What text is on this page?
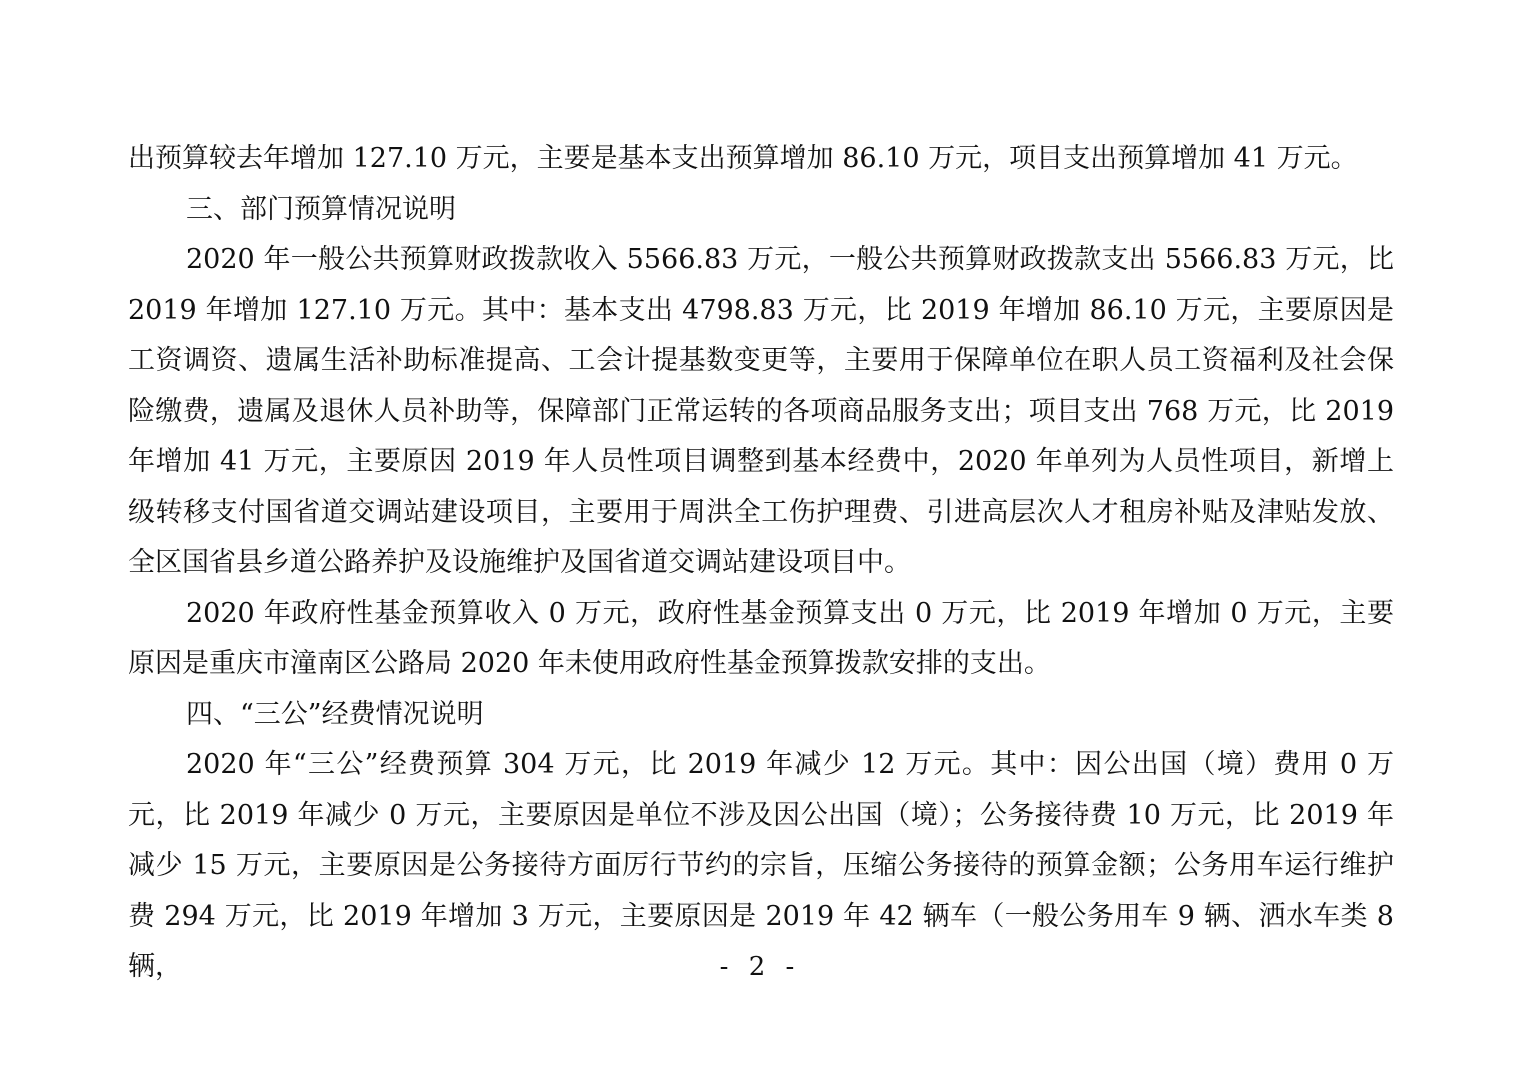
出预算较去年增加 127.10 万元，主要是基本支出预算增加 86.10 万元，项目支出预算增加 41 万元。

三、部门预算情况说明

2020 年一般公共预算财政拨款收入 5566.83 万元，一般公共预算财政拨款支出 5566.83 万元，比 2019 年增加 127.10 万元。其中：基本支出 4798.83 万元，比 2019 年增加 86.10 万元，主要原因是工资调资、遗属生活补助标准提高、工会计提基数变更等，主要用于保障单位在职人员工资福利及社会保险缴费，遗属及退休人员补助等，保障部门正常运转的各项商品服务支出；项目支出 768 万元，比 2019 年增加 41 万元，主要原因 2019 年人员性项目调整到基本经费中，2020 年单列为人员性项目，新增上级转移支付国省道交调站建设项目，主要用于周洪全工伤护理费、引进高层次人才租房补贴及津贴发放、全区国省县乡道公路养护及设施维护及国省道交调站建设项目中。

2020 年政府性基金预算收入 0 万元，政府性基金预算支出 0 万元，比 2019 年增加 0 万元，主要原因是重庆市潼南区公路局 2020 年未使用政府性基金预算拨款安排的支出。

四、“三公”经费情况说明

2020 年“三公”经费预算 304 万元，比 2019 年减少 12 万元。其中：因公出国（境）费用 0 万元，比 2019 年减少 0 万元，主要原因是单位不涉及因公出国（境）；公务接待费 10 万元，比 2019 年减少 15 万元，主要原因是公务接待方面厉行节约的宗旨，压缩公务接待的预算金额；公务用车运行维护费 294 万元，比 2019 年增加 3 万元，主要原因是 2019 年 42 辆车（一般公务用车 9 辆、洒水车类 8 辆，	- 2 -
